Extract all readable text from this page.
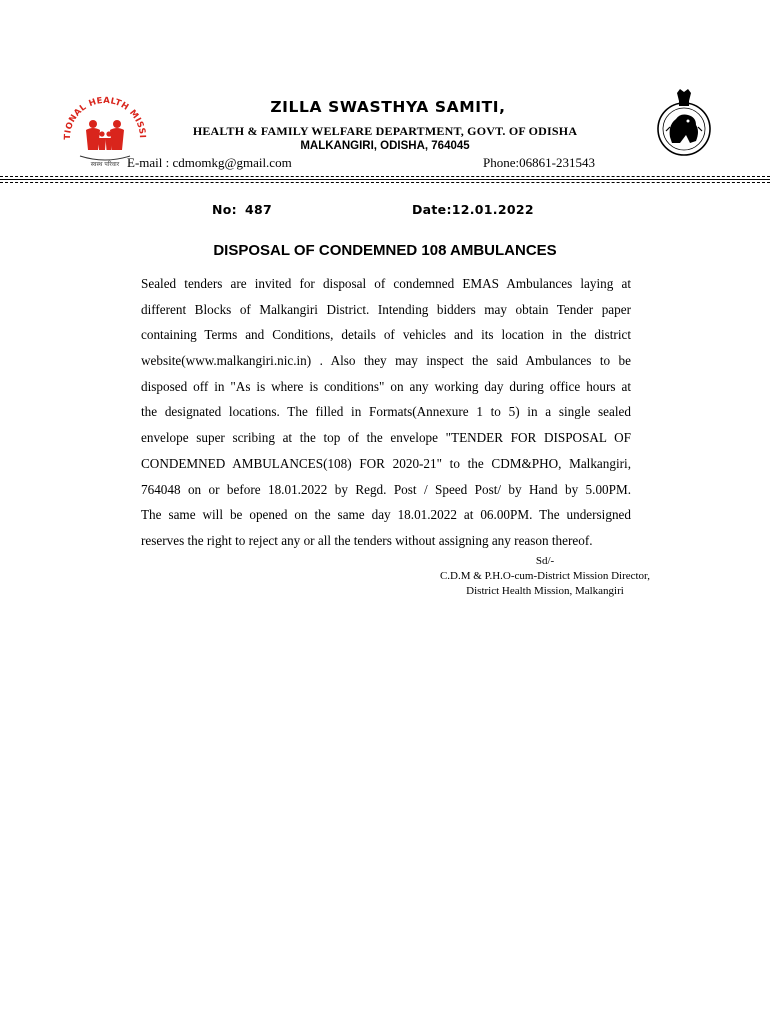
TIONAL HEALTH MISSI
स्वस्थ परिवार
ZILLA SWASTHYA SAMITI,
HEALTH & FAMILY WELFARE DEPARTMENT, GOVT. OF ODISHA
MALKANGIRI, ODISHA, 764045
E-mail : cdmomkg@gmail.com	Phone:06861-231543
No: 487	Date:12.01.2022
DISPOSAL OF CONDEMNED 108 AMBULANCES
Sealed tenders are invited for disposal of condemned EMAS Ambulances laying at
different Blocks of Malkangiri District. Intending bidders may obtain Tender paper
containing Terms and Conditions, details of vehicles and its location in the district
website(www.malkangiri.nic.in) . Also they may inspect the said Ambulances to be
disposed off in "As is where is conditions" on any working day during office hours at
the designated locations. The filled in Formats(Annexure 1 to 5) in a single sealed
envelope super scribing at the top of the envelope "TENDER FOR DISPOSAL OF
CONDEMNED AMBULANCES(108) FOR 2020-21" to the CDM&PHO, Malkangiri,
764048 on or before 18.01.2022 by Regd. Post / Speed Post/ by Hand by 5.00PM.
The same will be opened on the same day 18.01.2022 at 06.00PM. The undersigned
reserves the right to reject any or all the tenders without assigning any reason thereof.
Sd/-
C.D.M & P.H.O-cum-District Mission Director,
District Health Mission, Malkangiri
